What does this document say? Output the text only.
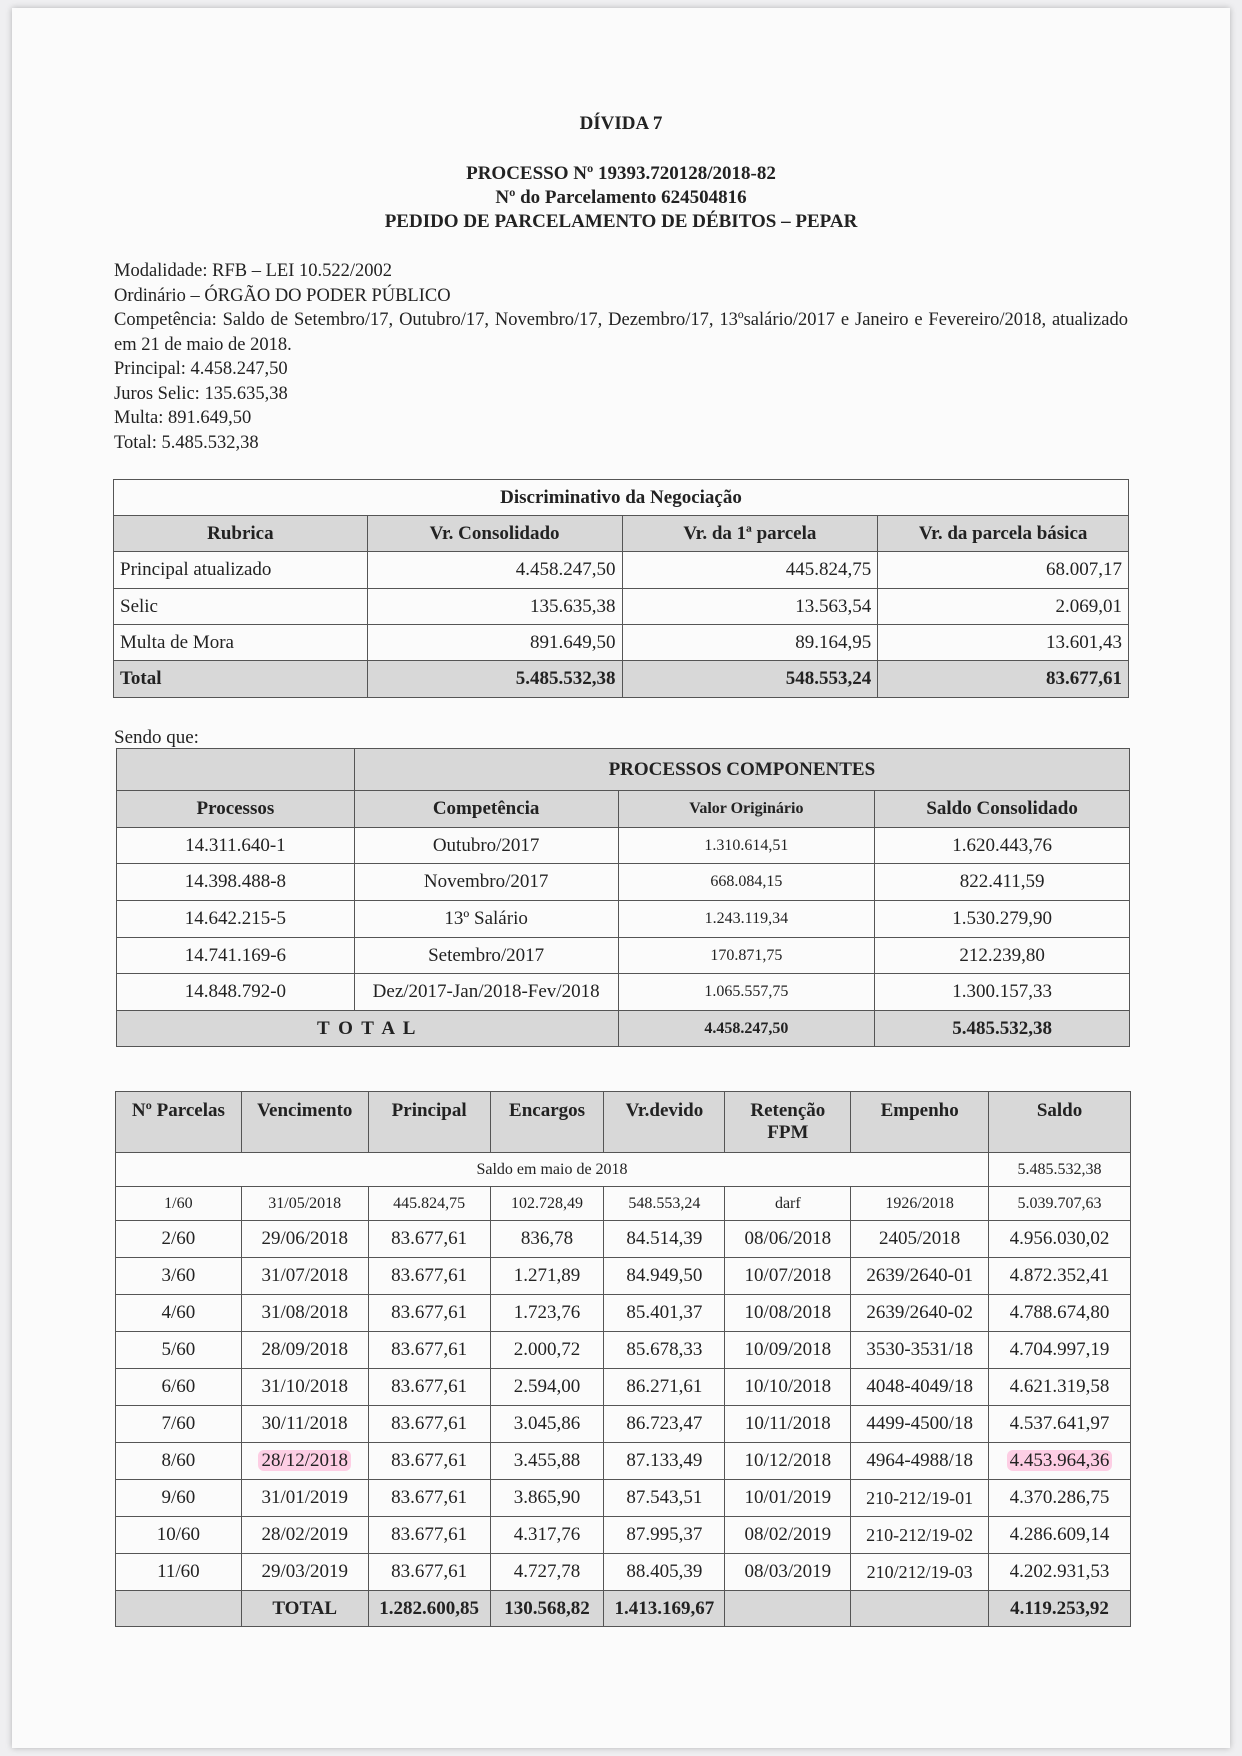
DÍVIDA 7
PROCESSO Nº 19393.720128/2018-82
Nº do Parcelamento 624504816
PEDIDO DE PARCELAMENTO DE DÉBITOS – PEPAR

Modalidade: RFB – LEI 10.522/2002

Ordinário – ÓRGÃO DO PODER PÚBLICO

Competência: Saldo de Setembro/17, Outubro/17, Novembro/17, Dezembro/17, 13ºsalário/2017 e Janeiro e Fevereiro/2018, atualizado em 21 de maio de 2018.

Principal: 4.458.247,50

Juros Selic: 135.635,38

Multa: 891.649,50

Total: 5.485.532,38

Discriminativo da Negociação			
Rubrica	Vr. Consolidado	Vr. da 1ª parcela	Vr. da parcela básica
Principal atualizado	4.458.247,50	445.824,75	68.007,17
Selic	135.635,38	13.563,54	2.069,01
Multa de Mora	891.649,50	89.164,95	13.601,43
Total	5.485.532,38	548.553,24	83.677,61
Sendo que:
	PROCESSOS COMPONENTES		
Processos	Competência	Valor Originário	Saldo Consolidado
14.311.640-1	Outubro/2017	1.310.614,51	1.620.443,76
14.398.488-8	Novembro/2017	668.084,15	822.411,59
14.642.215-5	13º Salário	1.243.119,34	1.530.279,90
14.741.169-6	Setembro/2017	170.871,75	212.239,80
14.848.792-0	Dez/2017-Jan/2018-Fev/2018	1.065.557,75	1.300.157,33
T O T A L		4.458.247,50	5.485.532,38
Nº Parcelas	Vencimento	Principal	Encargos	Vr.devido	Retenção FPM	Empenho	Saldo
Saldo em maio de 2018							5.485.532,38
1/60	31/05/2018	445.824,75	102.728,49	548.553,24	darf	1926/2018	5.039.707,63
2/60	29/06/2018	83.677,61	836,78	84.514,39	08/06/2018	2405/2018	4.956.030,02
3/60	31/07/2018	83.677,61	1.271,89	84.949,50	10/07/2018	2639/2640-01	4.872.352,41
4/60	31/08/2018	83.677,61	1.723,76	85.401,37	10/08/2018	2639/2640-02	4.788.674,80
5/60	28/09/2018	83.677,61	2.000,72	85.678,33	10/09/2018	3530-3531/18	4.704.997,19
6/60	31/10/2018	83.677,61	2.594,00	86.271,61	10/10/2018	4048-4049/18	4.621.319,58
7/60	30/11/2018	83.677,61	3.045,86	86.723,47	10/11/2018	4499-4500/18	4.537.641,97
8/60	28/12/2018	83.677,61	3.455,88	87.133,49	10/12/2018	4964-4988/18	4.453.964,36
9/60	31/01/2019	83.677,61	3.865,90	87.543,51	10/01/2019	210-212/19-01	4.370.286,75
10/60	28/02/2019	83.677,61	4.317,76	87.995,37	08/02/2019	210-212/19-02	4.286.609,14
11/60	29/03/2019	83.677,61	4.727,78	88.405,39	08/03/2019	210/212/19-03	4.202.931,53
	TOTAL	1.282.600,85	130.568,82	1.413.169,67			4.119.253,92
